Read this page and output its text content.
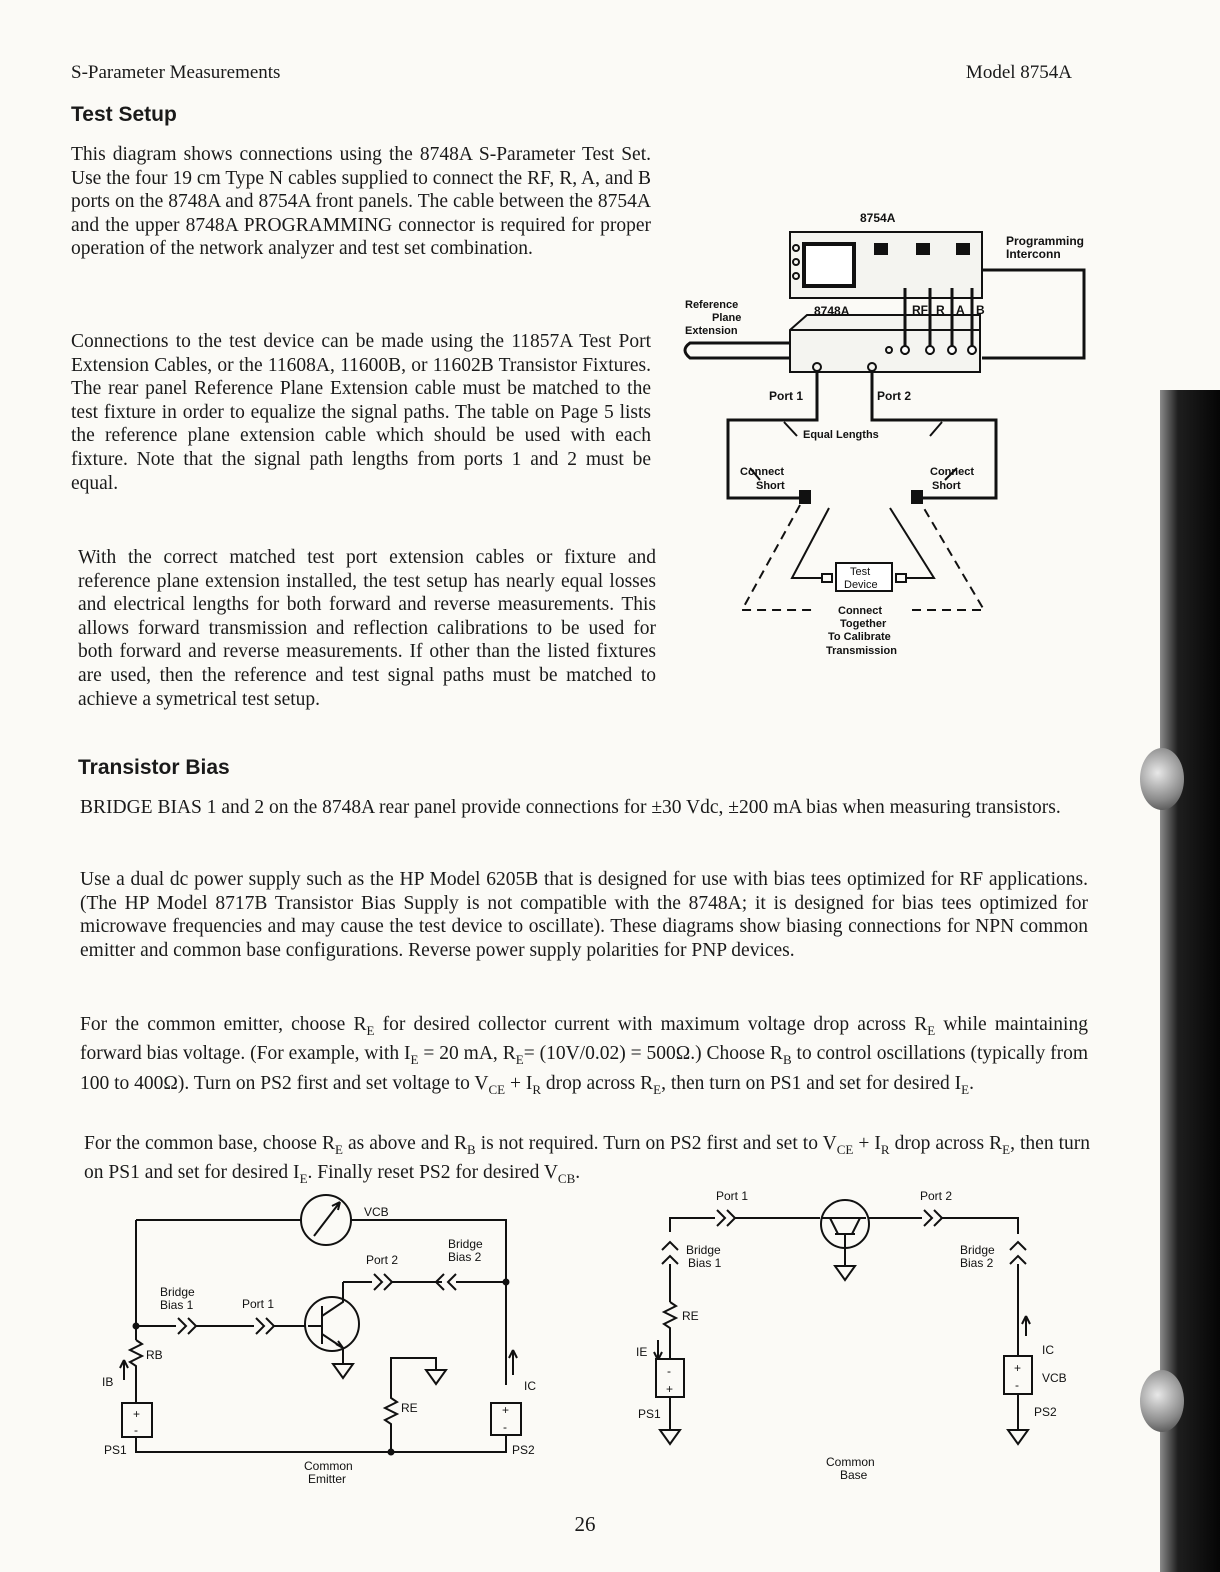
S-Parameter Measurements	Model 8754A
Test Setup

This diagram shows connections using the 8748A S-Parameter Test Set. Use the four 19 cm Type N cables supplied to connect the RF, R, A, and B ports on the 8748A and 8754A front panels. The cable between the 8754A and the upper 8748A PROGRAMMING connector is required for proper operation of the network analyzer and test set combination.

Connections to the test device can be made using the 11857A Test Port Extension Cables, or the 11608A, 11600B, or 11602B Transistor Fixtures. The rear panel Reference Plane Extension cable must be matched to the test fixture in order to equalize the signal paths. The table on Page 5 lists the reference plane extension cable which should be used with each fixture. Note that the signal path lengths from ports 1 and 2 must be equal.

With the correct matched test port extension cables or fixture and reference plane extension installed, the test setup has nearly equal losses and electrical lengths for both forward and reverse measurements. This allows forward transmission and reflection calibrations to be used for both forward and reverse measurements. If other than the listed fixtures are used, then the reference and test signal paths must be matched to achieve a symetrical test setup.

8754A
8748A
Programming
Interconn
Reference
Plane
Extension
RF R A B
Port 1	Port 2
Equal Lengths
Connect
Short
Connect
Short
Test
Device
Connect
Together
To Calibrate
Transmission
Transistor Bias

BRIDGE BIAS 1 and 2 on the 8748A rear panel provide connections for ±30 Vdc, ±200 mA bias when measuring transistors.

Use a dual dc power supply such as the HP Model 6205B that is designed for use with bias tees optimized for RF applications. (The HP Model 8717B Transistor Bias Supply is not compatible with the 8748A; it is designed for bias tees optimized for microwave frequencies and may cause the test device to oscillate). These diagrams show biasing connections for NPN common emitter and common base configurations. Reverse power supply polarities for PNP devices.

For the common emitter, choose $R_E$ for desired collector current with maximum voltage drop across $R_E$ while maintaining forward bias voltage. (For example, with $I_E = 20$ mA, $R_E= (10V/0.02) = 500\Omega$.) Choose $R_B$ to control oscillations (typically from 100 to 400Ω). Turn on PS2 first and set voltage to $V_{CE} + I_R$ drop across $R_E$, then turn on PS1 and set for desired $I_E$.

For the common base, choose $R_E$ as above and $R_B$ is not required. Turn on PS2 first and set to $V_{CE} + I_R$ drop across $R_E$, then turn on PS1 and set for desired $I_E$. Finally reset PS2 for desired $V_{CB}$.

VCB
Bridge
Bias 2
Port 2
Bridge
Bias 1	Port 1
RB
IB	IC
RE
+
-
+
-
PS1	PS2
Common
Emitter
Port 1	Port 2
Bridge
Bias 1
Bridge
Bias 2
RE
IE	IC
-
+
+
- VCB
PS1	PS2
Common
Base
26
